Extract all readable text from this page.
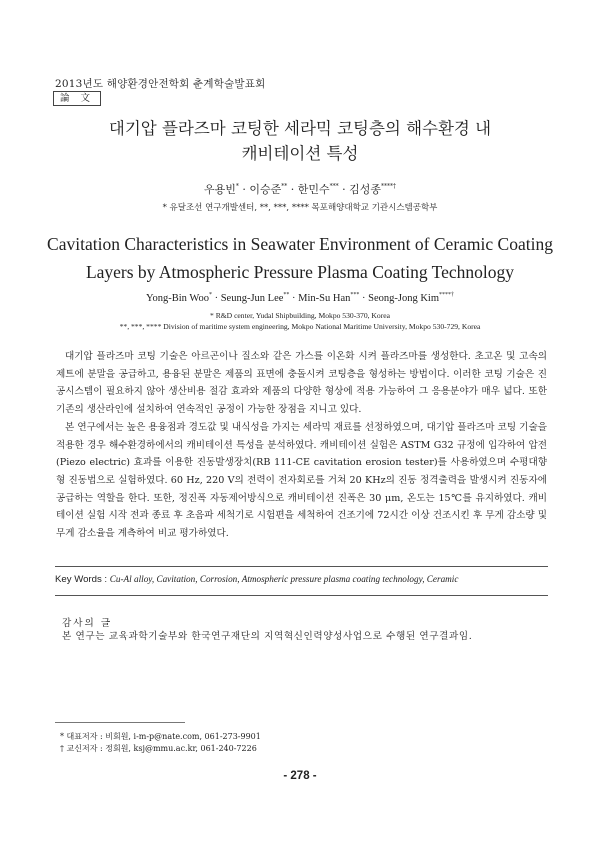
2013년도 해양환경안전학회 춘계학술발표회
論 文
대기압 플라즈마 코팅한 세라믹 코팅층의 해수환경 내
캐비테이션 특성
우용빈* · 이승준** · 한민수*** · 김성종****†
* 유달조선 연구개발센터, **, ***, **** 목포해양대학교 기관시스템공학부
Cavitation Characteristics in Seawater Environment of Ceramic Coating
Layers by Atmospheric Pressure Plasma Coating Technology
Yong-Bin Woo* · Seung-Jun Lee** · Min-Su Han*** · Seong-Jong Kim****†
* R&D center, Yudal Shipbuilding, Mokpo 530-370, Korea
**, ***, **** Division of maritime system engineering, Mokpo National Maritime University, Mokpo 530-729, Korea

대기압 플라즈마 코팅 기술은 아르곤이나 질소와 같은 가스를 이온화 시켜 플라즈마를 생성한다. 초고온 및 고속의 제트에 분말을 공급하고, 용융된 분말은 제품의 표면에 충돌시켜 코팅층을 형성하는 방법이다. 이러한 코팅 기술은 진공시스템이 필요하지 않아 생산비용 절감 효과와 제품의 다양한 형상에 적용 가능하여 그 응용분야가 매우 넓다. 또한 기존의 생산라인에 설치하여 연속적인 공정이 가능한 장점을 지니고 있다.

본 연구에서는 높은 용융점과 경도값 및 내식성을 가지는 세라믹 재료를 선정하였으며, 대기압 플라즈마 코팅 기술을 적용한 경우 해수환경하에서의 캐비테이션 특성을 분석하였다. 캐비테이션 실험은 ASTM G32 규정에 입각하여 압전(Piezo electric) 효과를 이용한 진동발생장치(RB 111-CE cavitation erosion tester)를 사용하였으며 수평대향형 진동법으로 실험하였다. 60 Hz, 220 V의 전력이 전자회로를 거쳐 20 KHz의 진동 정격출력을 발생시켜 진동자에 공급하는 역할을 한다. 또한, 정진폭 자동제어방식으로 캐비테이션 진폭은 30 μm, 온도는 15℃를 유지하였다. 캐비테이션 실험 시작 전과 종료 후 초음파 세척기로 시험편을 세척하여 건조기에 72시간 이상 건조시킨 후 무게 감소량 및 무게 감소율을 계측하여 비교 평가하였다.

Key Words : Cu-Al alloy, Cavitation, Corrosion, Atmospheric pressure plasma coating technology, Ceramic
감사의 글
본 연구는 교육과학기술부와 한국연구재단의 지역혁신인력양성사업으로 수행된 연구결과임.
* 대표저자 : 비회원, i-m-p@nate.com, 061-273-9901
† 교신저자 : 정회원, ksj@mmu.ac.kr, 061-240-7226
- 278 -
